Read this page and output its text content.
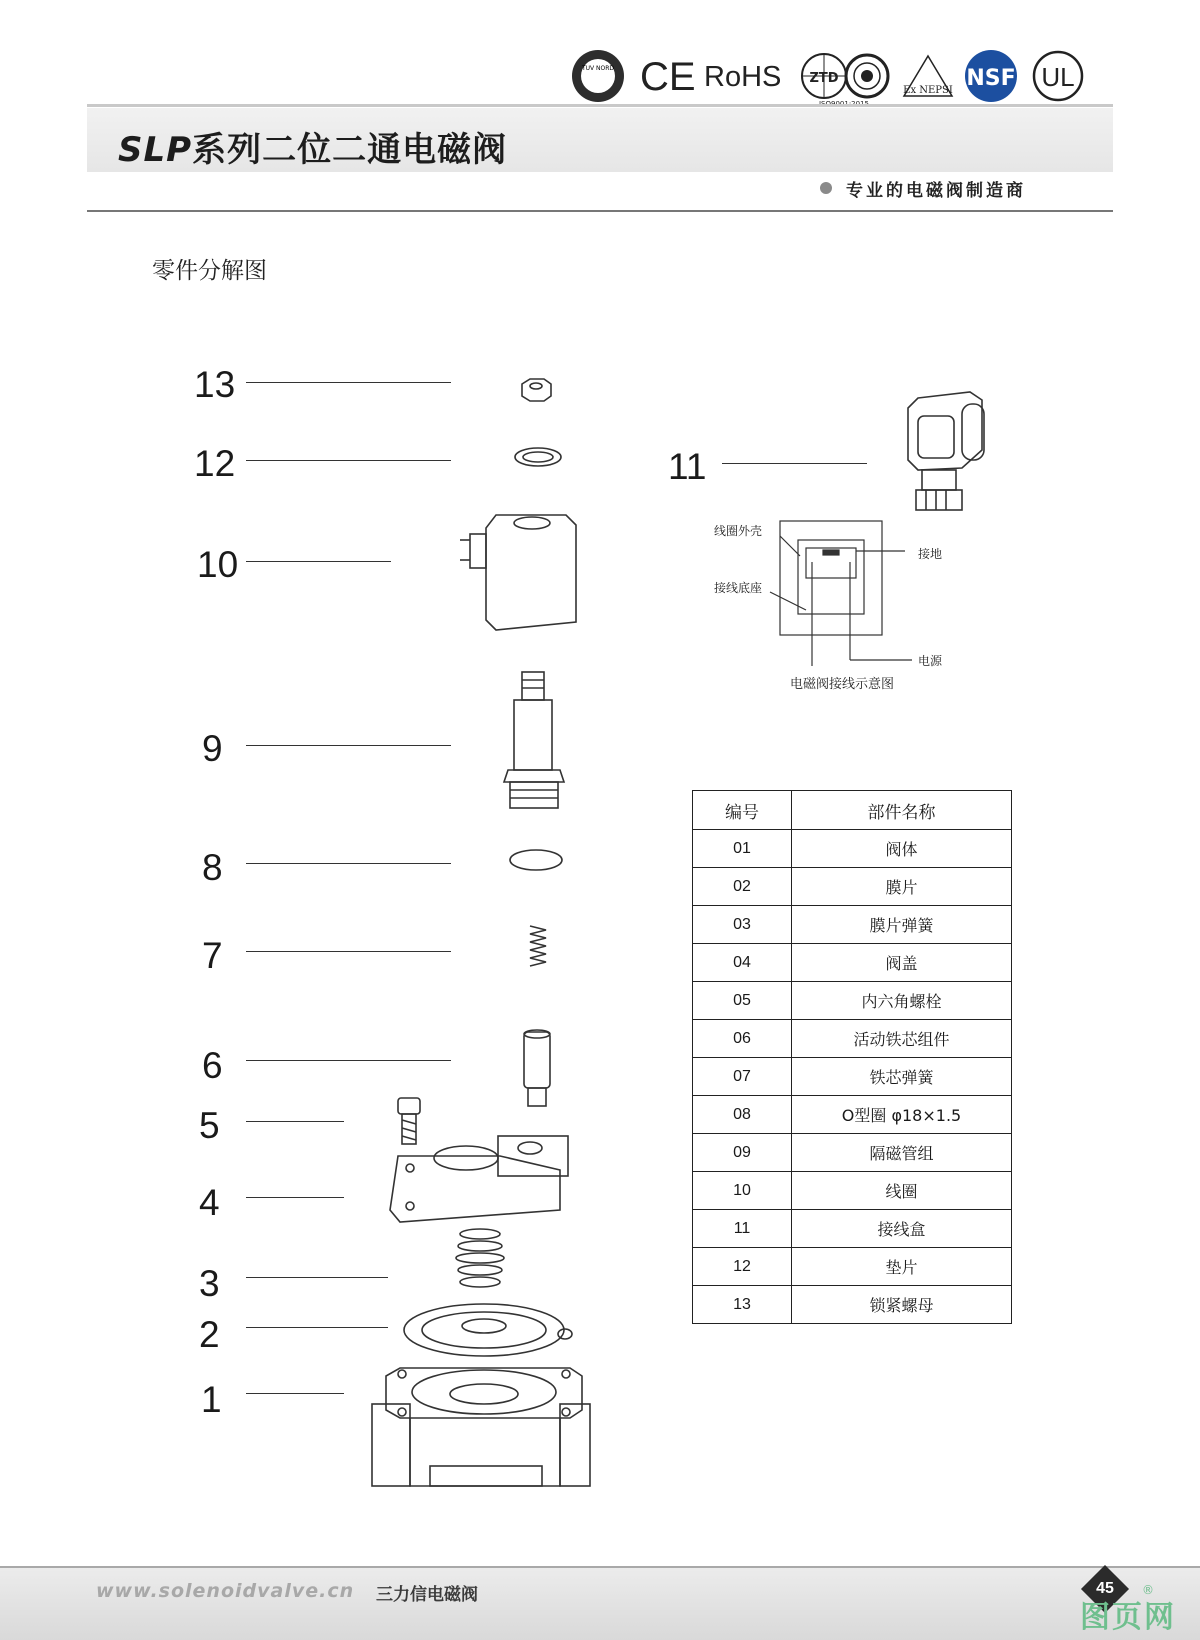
TUV NORD CE RoHS ZTD
Ex NEPSI NSF UL
SLP系列二位二通电磁阀
专业的电磁阀制造商
零件分解图
13
12
10
9
8
7
6
5
4
3
2
1
11
线圈外壳
接地
接线底座
电源
电磁阀接线示意图
编号	部件名称
01	阀体
02	膜片
03	膜片弹簧
04	阀盖
05	内六角螺栓
06	活动铁芯组件
07	铁芯弹簧
08	O型圈 φ18×1.5
09	隔磁管组
10	线圈
11	接线盒
12	垫片
13	锁紧螺母
www.solenoidvalve.cn 三力信电磁阀	45
图页网
®
